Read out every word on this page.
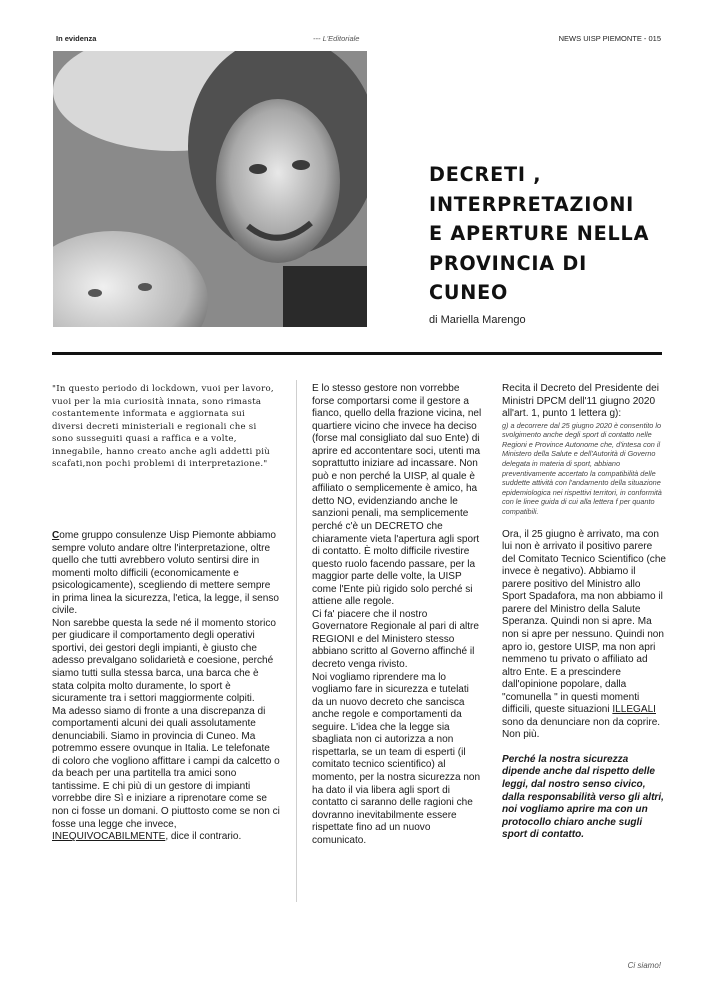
In evidenza	--- L'Editoriale	NEWS UISP PIEMONTE - 015
DECRETI ,
INTERPRETAZIONI
E APERTURE NELLA
PROVINCIA DI
CUNEO
di Mariella Marengo

"In questo periodo di lockdown, vuoi per lavoro, vuoi per la mia curiosità innata, sono rimasta costantemente informata e aggiornata sui diversi decreti ministeriali e regionali che si sono susseguiti quasi a raffica e a volte, innegabile, hanno creato anche agli addetti più scafati,non pochi problemi di interpretazione."

Come gruppo consulenze Uisp Piemonte abbiamo sempre voluto andare oltre l'interpretazione, oltre quello che tutti avrebbero voluto sentirsi dire in momenti molto difficili (economicamente e psicologicamente), scegliendo di mettere sempre in prima linea la sicurezza, l'etica, la legge, il senso civile.

Non sarebbe questa la sede né il momento storico per giudicare il comportamento degli operativi sportivi, dei gestori degli impianti, è giusto che adesso prevalgano solidarietà e coesione, perché siamo tutti sulla stessa barca, una barca che è stata colpita molto duramente, lo sport è sicuramente tra i settori maggiormente colpiti.

Ma adesso siamo di fronte a una discrepanza di comportamenti alcuni dei quali assolutamente denunciabili. Siamo in provincia di Cuneo. Ma potremmo essere ovunque in Italia. Le telefonate di coloro che vogliono affittare i campi da calcetto o da beach per una partitella tra amici sono tantissime. E chi più di un gestore di impianti vorrebbe dire Sì e iniziare a riprenotare come se non ci fosse un domani. O piuttosto come se non ci fosse una legge che invece,
INEQUIVOCABILMENTE, dice il contrario.

E lo stesso gestore non vorrebbe forse comportarsi come il gestore a fianco, quello della frazione vicina, nel quartiere vicino che invece ha deciso (forse mal consigliato dal suo Ente) di aprire ed accontentare soci, utenti ma soprattutto iniziare ad incassare. Non può e non perché la UISP, al quale è affiliato o semplicemente è amico, ha detto NO, evidenziando anche le sanzioni penali, ma semplicemente perché c'è un DECRETO che chiaramente vieta l'apertura agli sport di contatto. È molto difficile rivestire questo ruolo facendo passare, per la maggior parte delle volte, la UISP come l'Ente più rigido solo perché si attiene alle regole.

Ci fa' piacere che il nostro Governatore Regionale al pari di altre REGIONI e del Ministero stesso abbiano scritto al Governo affinché il decreto venga rivisto.

Noi vogliamo riprendere ma lo vogliamo fare in sicurezza e tutelati da un nuovo decreto che sancisca anche regole e comportamenti da seguire. L'idea che la legge sia sbagliata non ci autorizza a non rispettarla, se un team di esperti (il comitato tecnico scientifico) al momento, per la nostra sicurezza non ha dato il via libera agli sport di contatto ci saranno delle ragioni che dovranno inevitabilmente essere rispettate fino ad un nuovo comunicato.

Recita il Decreto del Presidente dei Ministri DPCM dell'11 giugno 2020 all'art. 1, punto 1 lettera g):

g) a decorrere dal 25 giugno 2020 è consentito lo svolgimento anche degli sport di contatto nelle Regioni e Province Autonome che, d'intesa con il Ministero della Salute e dell'Autorità di Governo delegata in materia di sport, abbiano preventivamente accertato la compatibilità delle suddette attività con l'andamento della situazione epidemiologica nei rispettivi territori, in conformità con le linee guida di cui alla lettera f per quanto compatibili.

Ora, il 25 giugno è arrivato, ma con lui non è arrivato il positivo parere del Comitato Tecnico Scientifico (che invece è negativo). Abbiamo il parere positivo del Ministro allo Sport Spadafora, ma non abbiamo il parere del Ministro della Salute Speranza. Quindi non si apre. Ma non si apre per nessuno. Quindi non apro io, gestore UISP, ma non apri nemmeno tu privato o affiliato ad altro Ente. E a prescindere dall'opinione popolare, dalla "comunella " in questi momenti difficili, queste situazioni ILLEGALI sono da denunciare non da coprire. Non più.

Perché la nostra sicurezza dipende anche dal rispetto delle leggi, dal nostro senso civico, dalla responsabilità verso gli altri, noi vogliamo aprire ma con un protocollo chiaro anche sugli sport di contatto.

Ci siamo!
